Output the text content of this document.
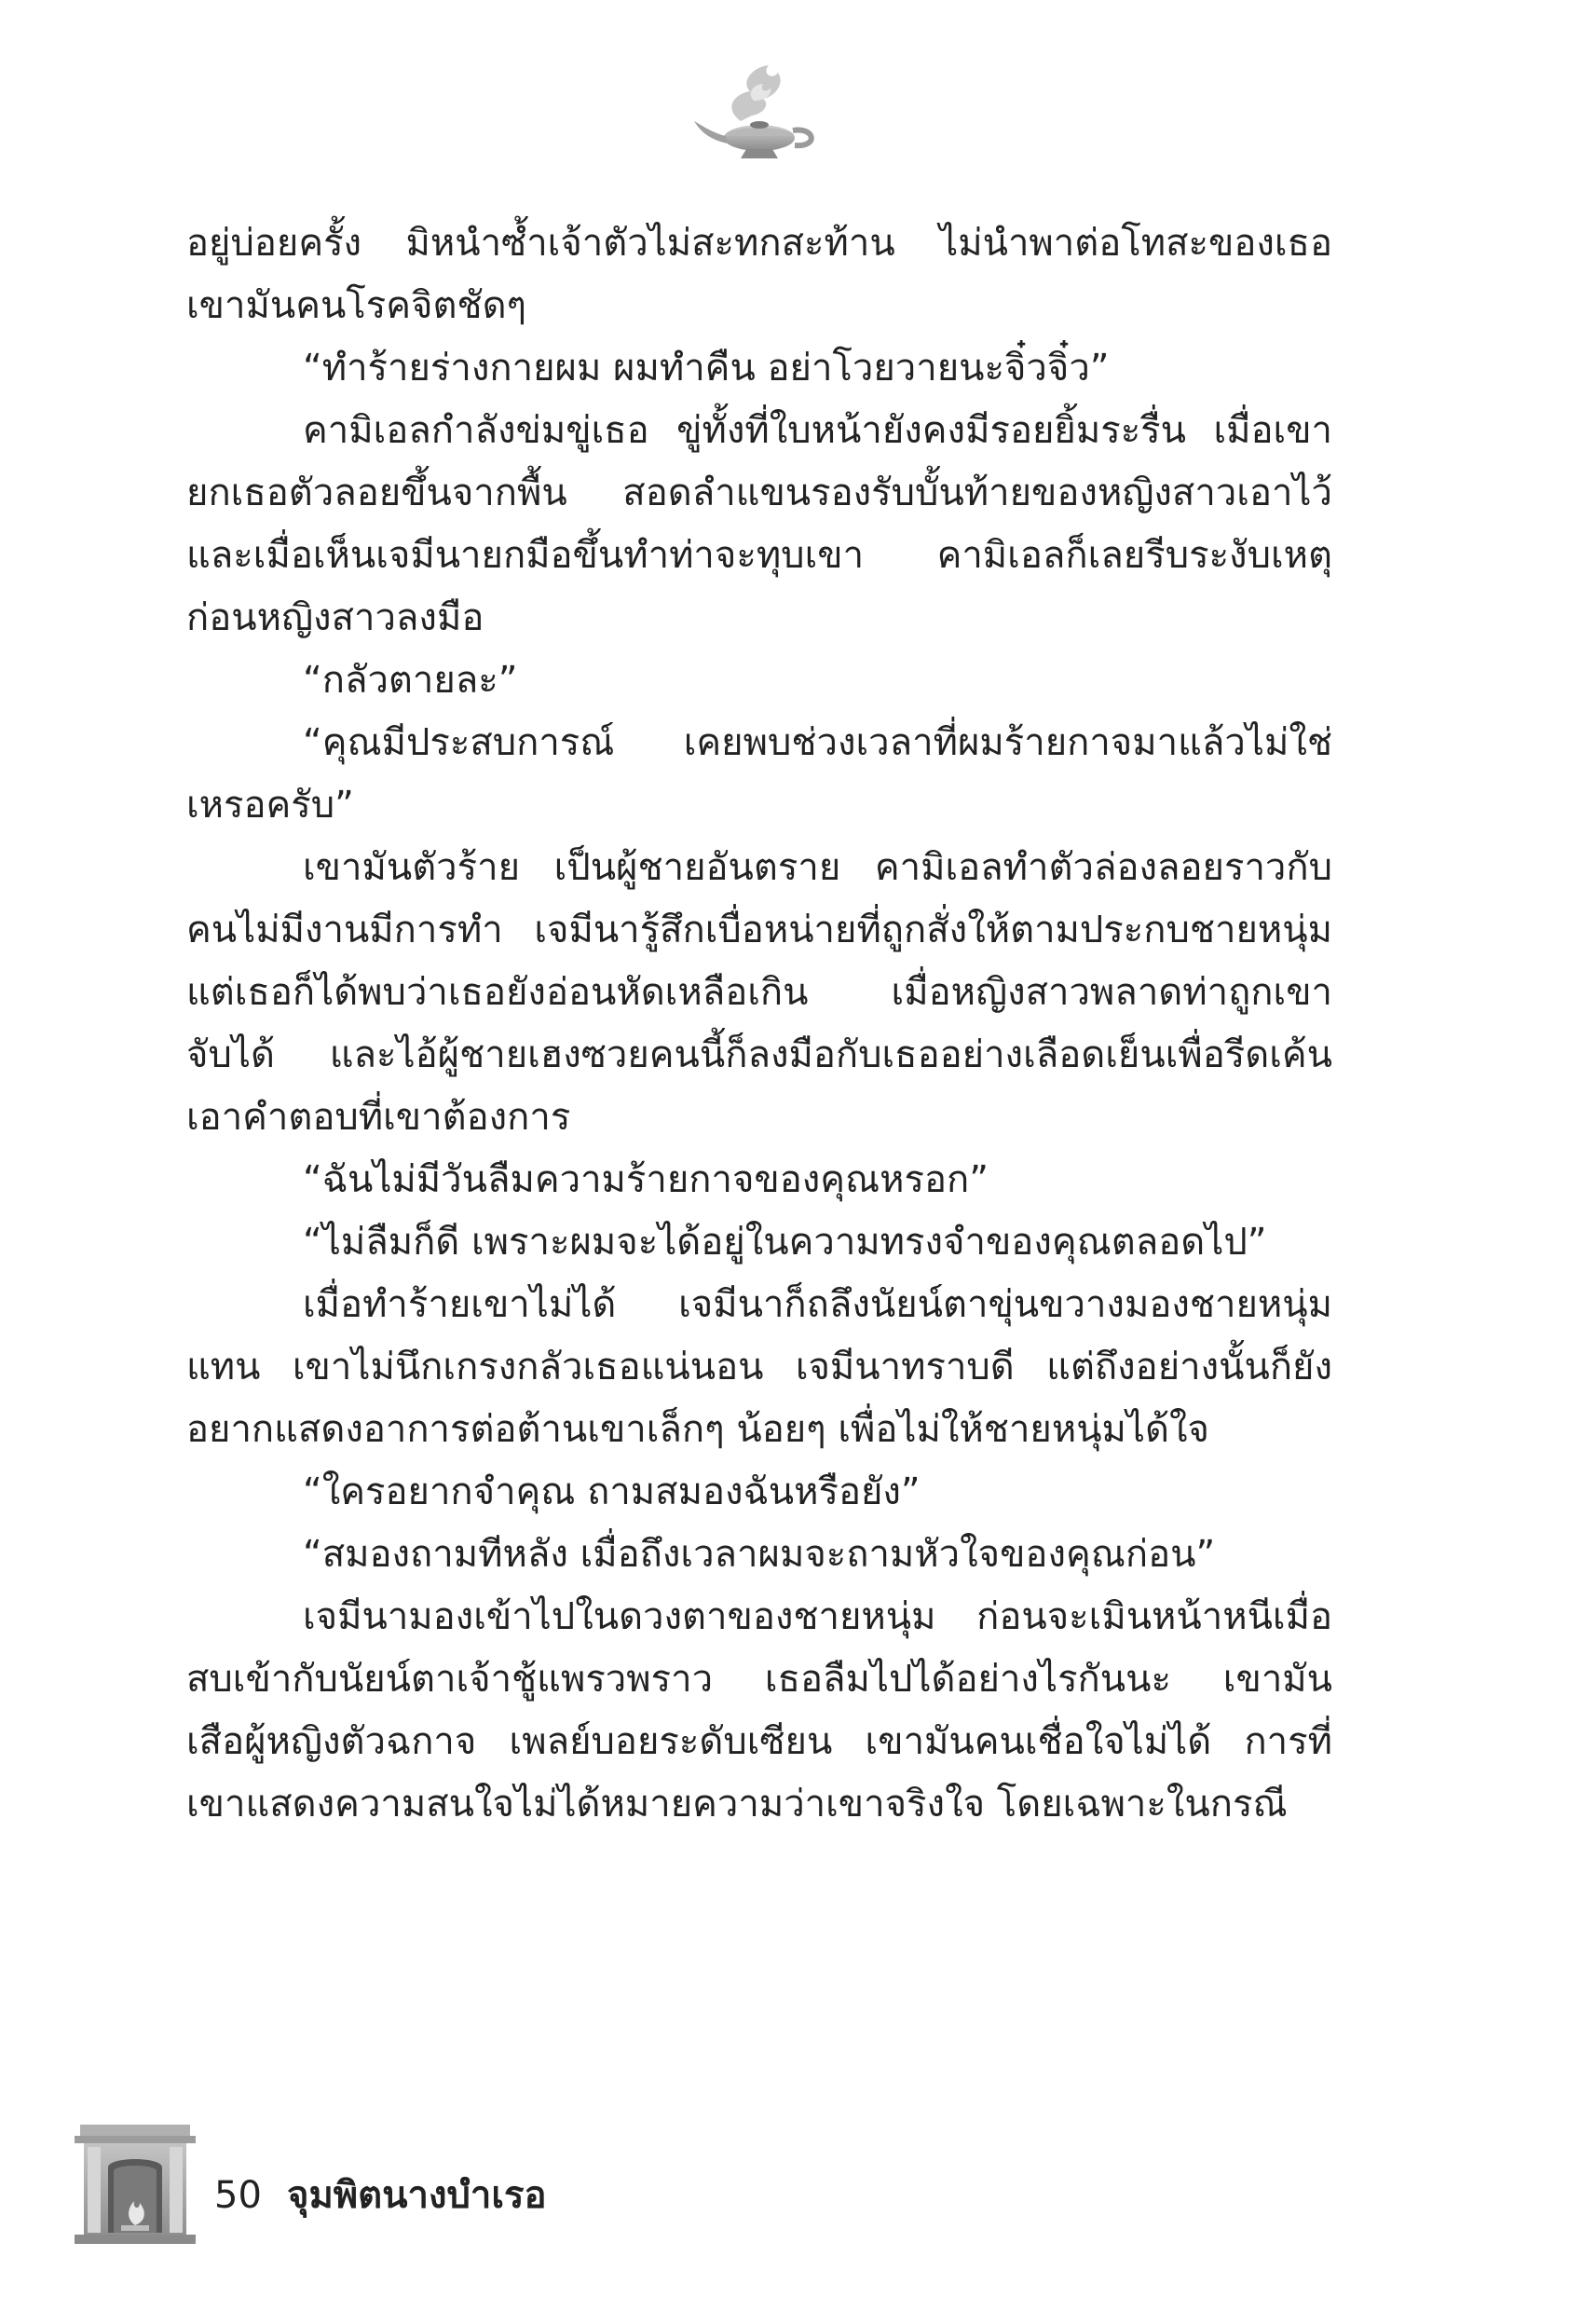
อยู่บ่อยครั้ง มิหนำซ้ำเจ้าตัวไม่สะทกสะท้าน ไม่นำพาต่อโทสะของเธอ
เขามันคนโรคจิตชัดๆ
“ทำร้ายร่างกายผม ผมทำคืน อย่าโวยวายนะจิ๋วจิ๋ว”
คามิเอลกำลังข่มขู่เธอ ขู่ทั้งที่ใบหน้ายังคงมีรอยยิ้มระรื่น เมื่อเขา
ยกเธอตัวลอยขึ้นจากพื้น สอดลำแขนรองรับบั้นท้ายของหญิงสาวเอาไว้
และเมื่อเห็นเจมีนายกมือขึ้นทำท่าจะทุบเขา คามิเอลก็เลยรีบระงับเหตุ
ก่อนหญิงสาวลงมือ
“กลัวตายละ”
“คุณมีประสบการณ์ เคยพบช่วงเวลาที่ผมร้ายกาจมาแล้วไม่ใช่
เหรอครับ”
เขามันตัวร้าย เป็นผู้ชายอันตราย คามิเอลทำตัวล่องลอยราวกับ
คนไม่มีงานมีการทำ เจมีนารู้สึกเบื่อหน่ายที่ถูกสั่งให้ตามประกบชายหนุ่ม
แต่เธอก็ได้พบว่าเธอยังอ่อนหัดเหลือเกิน เมื่อหญิงสาวพลาดท่าถูกเขา
จับได้ และไอ้ผู้ชายเฮงซวยคนนี้ก็ลงมือกับเธออย่างเลือดเย็นเพื่อรีดเค้น
เอาคำตอบที่เขาต้องการ
“ฉันไม่มีวันลืมความร้ายกาจของคุณหรอก”
“ไม่ลืมก็ดี เพราะผมจะได้อยู่ในความทรงจำของคุณตลอดไป”
เมื่อทำร้ายเขาไม่ได้ เจมีนาก็ถลึงนัยน์ตาขุ่นขวางมองชายหนุ่ม
แทน เขาไม่นึกเกรงกลัวเธอแน่นอน เจมีนาทราบดี แต่ถึงอย่างนั้นก็ยัง
อยากแสดงอาการต่อต้านเขาเล็กๆ น้อยๆ เพื่อไม่ให้ชายหนุ่มได้ใจ
“ใครอยากจำคุณ ถามสมองฉันหรือยัง”
“สมองถามทีหลัง เมื่อถึงเวลาผมจะถามหัวใจของคุณก่อน”
เจมีนามองเข้าไปในดวงตาของชายหนุ่ม ก่อนจะเมินหน้าหนีเมื่อ
สบเข้ากับนัยน์ตาเจ้าชู้แพรวพราว เธอลืมไปได้อย่างไรกันนะ เขามัน
เสือผู้หญิงตัวฉกาจ เพลย์บอยระดับเซียน เขามันคนเชื่อใจไม่ได้ การที่
เขาแสดงความสนใจไม่ได้หมายความว่าเขาจริงใจ โดยเฉพาะในกรณี
50 จุมพิตนางบำเรอ
